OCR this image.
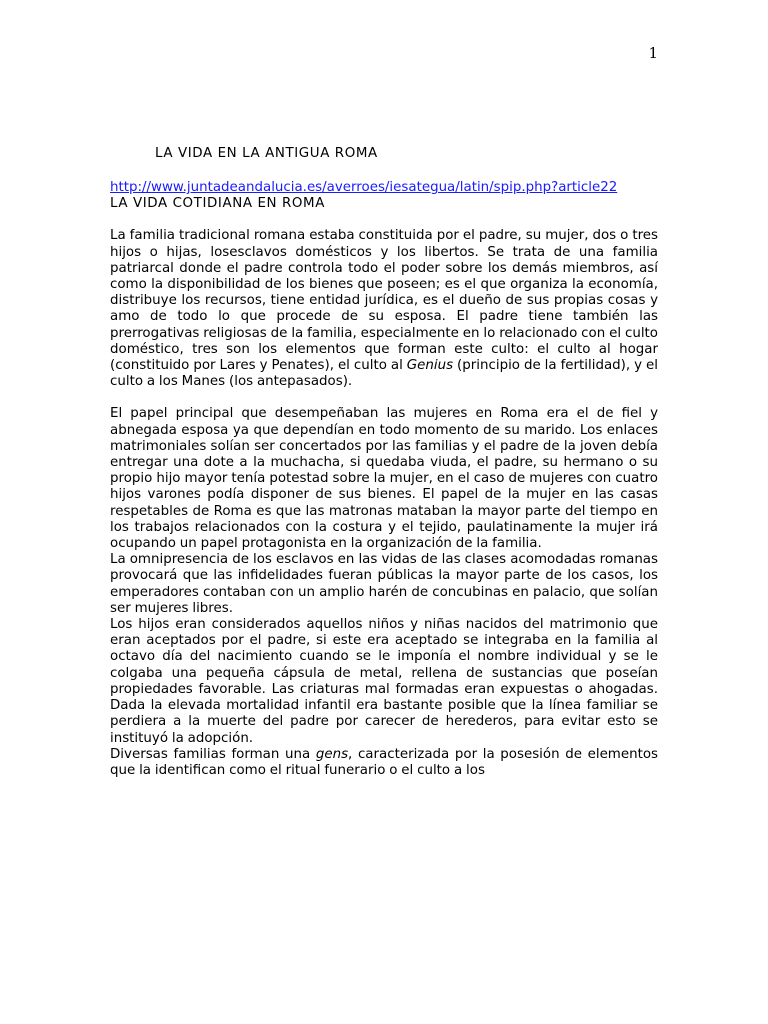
1
LA VIDA EN LA ANTIGUA ROMA
http://www.juntadeandalucia.es/averroes/iesategua/latin/spip.php?article22
LA VIDA COTIDIANA EN ROMA

La familia tradicional romana estaba constituida por el padre, su mujer, dos o tres hijos o hijas, losesclavos domésticos y los libertos. Se trata de una familia patriarcal donde el padre controla todo el poder sobre los demás miembros, así como la disponibilidad de los bienes que poseen; es el que organiza la economía, distribuye los recursos, tiene entidad jurídica, es el dueño de sus propias cosas y amo de todo lo que procede de su esposa. El padre tiene también las prerrogativas religiosas de la familia, especialmente en lo relacionado con el culto doméstico, tres son los elementos que forman este culto: el culto al hogar (constituido por Lares y Penates), el culto al Genius (principio de la fertilidad), y el culto a los Manes (los antepasados).

El papel principal que desempeñaban las mujeres en Roma era el de fiel y abnegada esposa ya que dependían en todo momento de su marido. Los enlaces matrimoniales solían ser concertados por las familias y el padre de la joven debía entregar una dote a la muchacha, si quedaba viuda, el padre, su hermano o su propio hijo mayor tenía potestad sobre la mujer, en el caso de mujeres con cuatro hijos varones podía disponer de sus bienes. El papel de la mujer en las casas respetables de Roma es que las matronas mataban la mayor parte del tiempo en los trabajos relacionados con la costura y el tejido, paulatinamente la mujer irá ocupando un papel protagonista en la organización de la familia.

La omnipresencia de los esclavos en las vidas de las clases acomodadas romanas provocará que las infidelidades fueran públicas la mayor parte de los casos, los emperadores contaban con un amplio harén de concubinas en palacio, que solían ser mujeres libres.

Los hijos eran considerados aquellos niños y niñas nacidos del matrimonio que eran aceptados por el padre, si este era aceptado se integraba en la familia al octavo día del nacimiento cuando se le imponía el nombre individual y se le colgaba una pequeña cápsula de metal, rellena de sustancias que poseían propiedades favorable. Las criaturas mal formadas eran expuestas o ahogadas. Dada la elevada mortalidad infantil era bastante posible que la línea familiar se perdiera a la muerte del padre por carecer de herederos, para evitar esto se instituyó la adopción.

Diversas familias forman una gens, caracterizada por la posesión de elementos que la identifican como el ritual funerario o el culto a los
